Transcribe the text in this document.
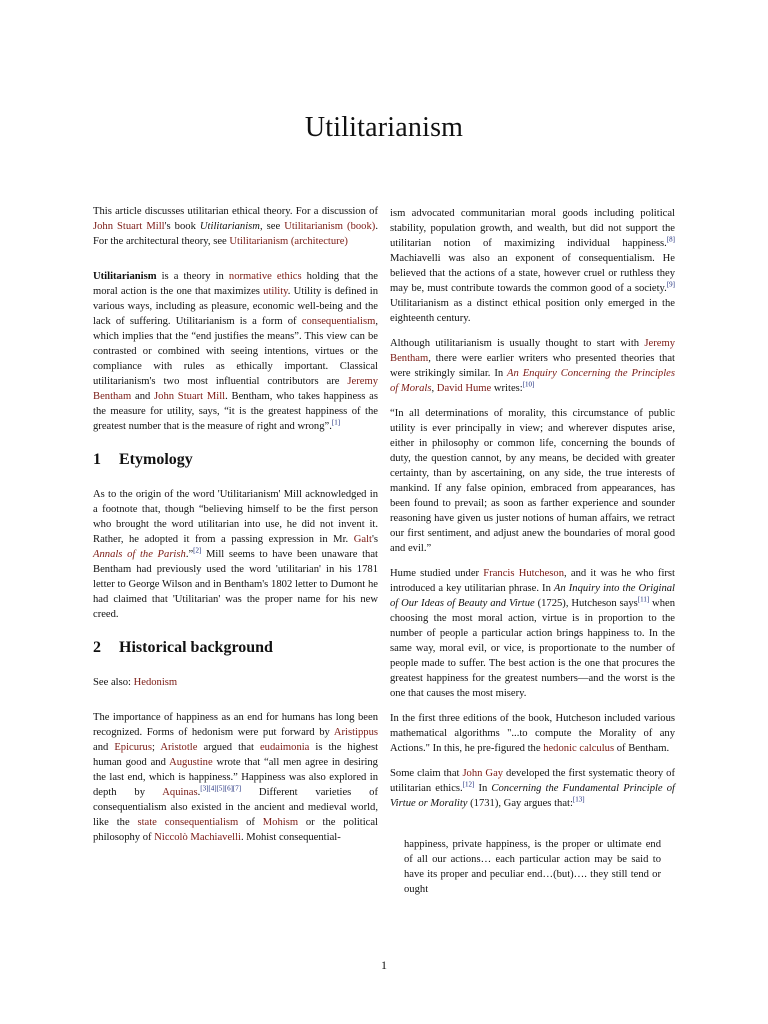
Utilitarianism

This article discusses utilitarian ethical theory. For a discussion of John Stuart Mill's book Utilitarianism, see Utilitarianism (book). For the architectural theory, see Utilitarianism (architecture)

Utilitarianism is a theory in normative ethics holding that the moral action is the one that maximizes utility. Utility is defined in various ways, including as pleasure, economic well-being and the lack of suffering. Utilitarianism is a form of consequentialism, which implies that the “end justifies the means”. This view can be contrasted or combined with seeing intentions, virtues or the compliance with rules as ethically important. Classical utilitarianism's two most influential contributors are Jeremy Bentham and John Stuart Mill. Bentham, who takes happiness as the measure for utility, says, “it is the greatest happiness of the greatest number that is the measure of right and wrong”.[1]

1 Etymology

As to the origin of the word 'Utilitarianism' Mill acknowledged in a footnote that, though “believing himself to be the first person who brought the word utilitarian into use, he did not invent it. Rather, he adopted it from a passing expression in Mr. Galt's Annals of the Parish.”[2] Mill seems to have been unaware that Bentham had previously used the word 'utilitarian' in his 1781 letter to George Wilson and in Bentham's 1802 letter to Dumont he had claimed that 'Utilitarian' was the proper name for his new creed.

2 Historical background

See also: Hedonism

The importance of happiness as an end for humans has long been recognized. Forms of hedonism were put forward by Aristippus and Epicurus; Aristotle argued that eudaimonia is the highest human good and Augustine wrote that “all men agree in desiring the last end, which is happiness.” Happiness was also explored in depth by Aquinas.[3][4][5][6][7] Different varieties of consequentialism also existed in the ancient and medieval world, like the state consequentialism of Mohism or the political philosophy of Niccolò Machiavelli. Mohist consequential-

ism advocated communitarian moral goods including political stability, population growth, and wealth, but did not support the utilitarian notion of maximizing individual happiness.[8] Machiavelli was also an exponent of consequentialism. He believed that the actions of a state, however cruel or ruthless they may be, must contribute towards the common good of a society.[9] Utilitarianism as a distinct ethical position only emerged in the eighteenth century.

Although utilitarianism is usually thought to start with Jeremy Bentham, there were earlier writers who presented theories that were strikingly similar. In An Enquiry Concerning the Principles of Morals, David Hume writes:[10]

“In all determinations of morality, this circumstance of public utility is ever principally in view; and wherever disputes arise, either in philosophy or common life, concerning the bounds of duty, the question cannot, by any means, be decided with greater certainty, than by ascertaining, on any side, the true interests of mankind. If any false opinion, embraced from appearances, has been found to prevail; as soon as farther experience and sounder reasoning have given us juster notions of human affairs, we retract our first sentiment, and adjust anew the boundaries of moral good and evil.”

Hume studied under Francis Hutcheson, and it was he who first introduced a key utilitarian phrase. In An Inquiry into the Original of Our Ideas of Beauty and Virtue (1725), Hutcheson says[11] when choosing the most moral action, virtue is in proportion to the number of people a particular action brings happiness to. In the same way, moral evil, or vice, is proportionate to the number of people made to suffer. The best action is the one that procures the greatest happiness for the greatest numbers—and the worst is the one that causes the most misery.

In the first three editions of the book, Hutcheson included various mathematical algorithms "...to compute the Morality of any Actions." In this, he pre-figured the hedonic calculus of Bentham.

Some claim that John Gay developed the first systematic theory of utilitarian ethics.[12] In Concerning the Fundamental Principle of Virtue or Morality (1731), Gay argues that:[13]

happiness, private happiness, is the proper or ultimate end of all our actions… each particular action may be said to have its proper and peculiar end…(but)…. they still tend or ought

1
